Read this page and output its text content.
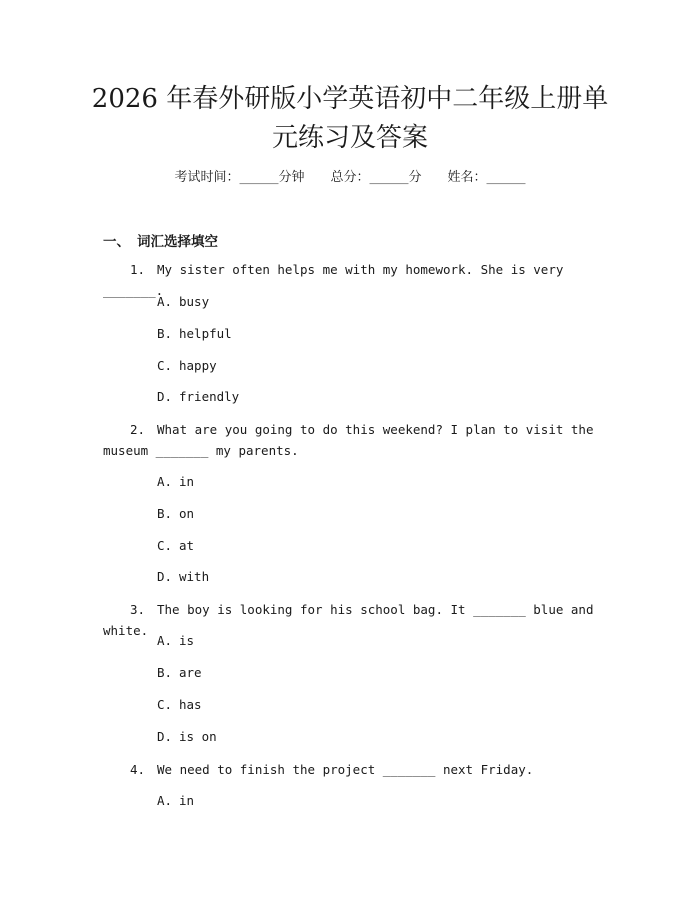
2026 年春外研版小学英语初中二年级上册单
元练习及答案
考试时间：______分钟 总分：______分 姓名：______
一、 词汇选择填空
1. My sister often helps me with my homework. She is very _______.
A. busy
B. helpful
C. happy
D. friendly
2. What are you going to do this weekend? I plan to visit the
museum _______ my parents.
A. in
B. on
C. at
D. with
3. The boy is looking for his school bag. It _______ blue and white.
A. is
B. are
C. has
D. is on
4. We need to finish the project _______ next Friday.
A. in
